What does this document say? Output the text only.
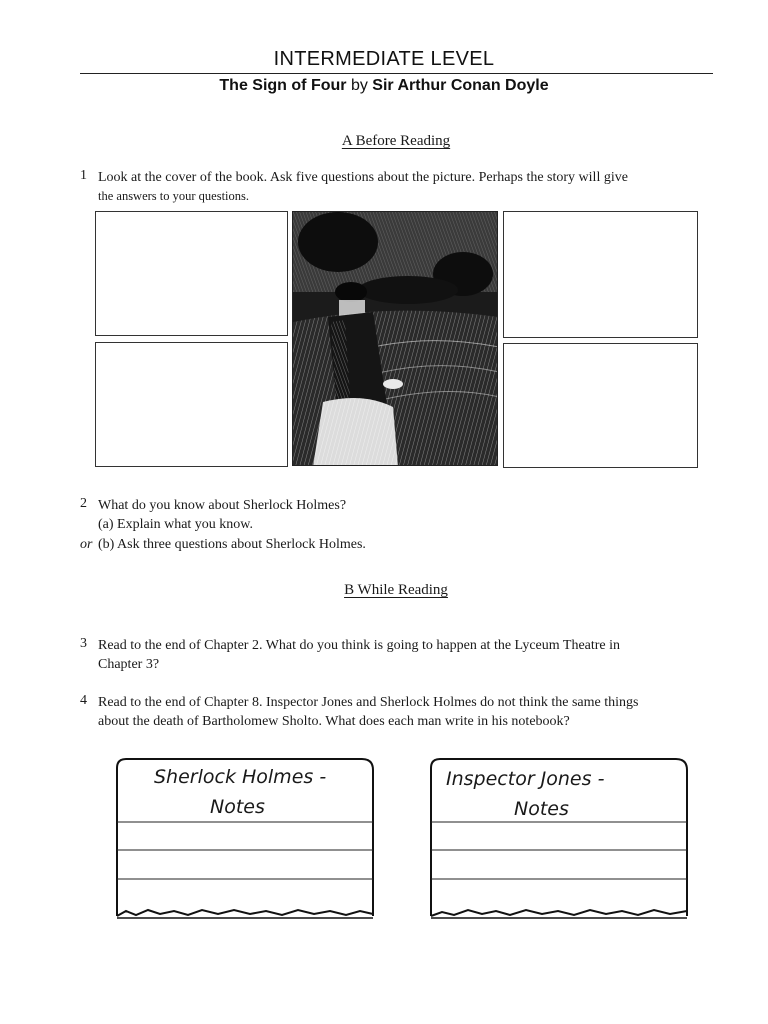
INTERMEDIATE LEVEL
The Sign of Four by Sir Arthur Conan Doyle
A Before Reading
1 Look at the cover of the book. Ask five questions about the picture. Perhaps the story will give
the answers to your questions.
2 What do you know about Sherlock Holmes?
(a) Explain what you know.
or (b) Ask three questions about Sherlock Holmes.
B While Reading
3 Read to the end of Chapter 2. What do you think is going to happen at the Lyceum Theatre in
Chapter 3?
4 Read to the end of Chapter 8. Inspector Jones and Sherlock Holmes do not think the same things
about the death of Bartholomew Sholto. What does each man write in his notebook?
Sherlock Holmes -
Notes
Inspector Jones -
Notes
